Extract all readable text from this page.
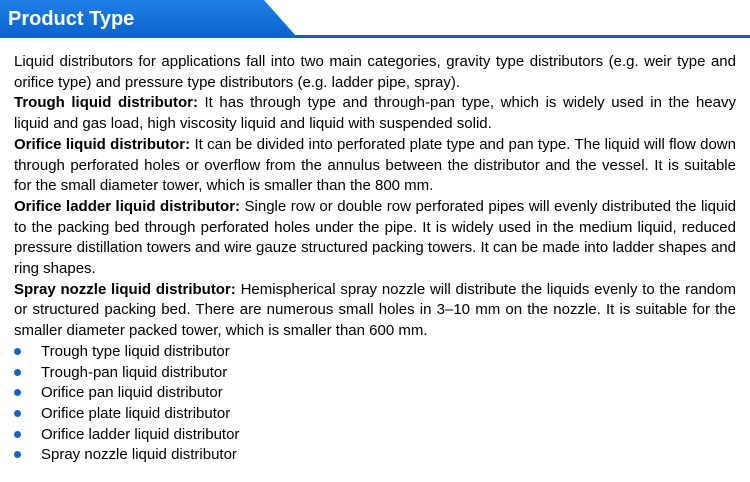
Product Type

Liquid distributors for applications fall into two main categories, gravity type distributors (e.g. weir type and orifice type) and pressure type distributors (e.g. ladder pipe, spray).

Trough liquid distributor: It has through type and through-pan type, which is widely used in the heavy liquid and gas load, high viscosity liquid and liquid with suspended solid.

Orifice liquid distributor: It can be divided into perforated plate type and pan type. The liquid will flow down through perforated holes or overflow from the annulus between the distributor and the vessel. It is suitable for the small diameter tower, which is smaller than the 800 mm.

Orifice ladder liquid distributor: Single row or double row perforated pipes will evenly distributed the liquid to the packing bed through perforated holes under the pipe. It is widely used in the medium liquid, reduced pressure distillation towers and wire gauze structured packing towers. It can be made into ladder shapes and ring shapes.

Spray nozzle liquid distributor: Hemispherical spray nozzle will distribute the liquids evenly to the random or structured packing bed. There are numerous small holes in 3–10 mm on the nozzle. It is suitable for the smaller diameter packed tower, which is smaller than 600 mm.

Trough type liquid distributor
Trough-pan liquid distributor
Orifice pan liquid distributor
Orifice plate liquid distributor
Orifice ladder liquid distributor
Spray nozzle liquid distributor
